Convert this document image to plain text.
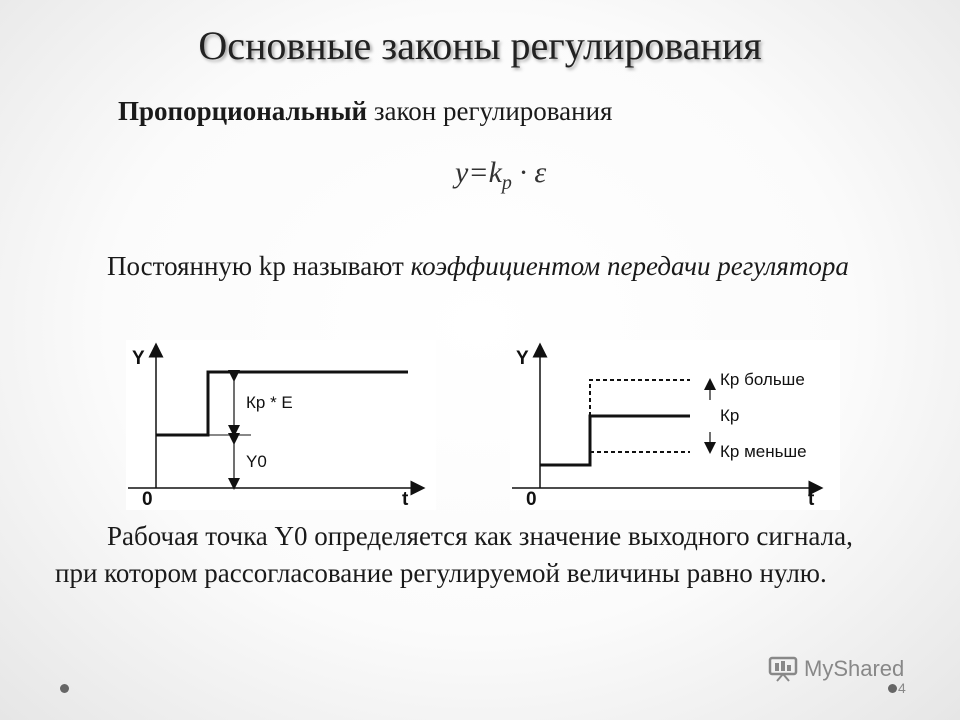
Основные законы регулирования
Пропорциональный закон регулирования
$y=k_p \cdot \varepsilon$
Постоянную kр называют коэффициентом передачи регулятора
Y
0	t
Кр * Е
Y0
Y
0	t
Кр больше
Кр
Кр меньше
Рабочая точка Y0 определяется как значение выходного сигнала, при котором рассогласование регулируемой величины равно нулю.
MyShared
4
